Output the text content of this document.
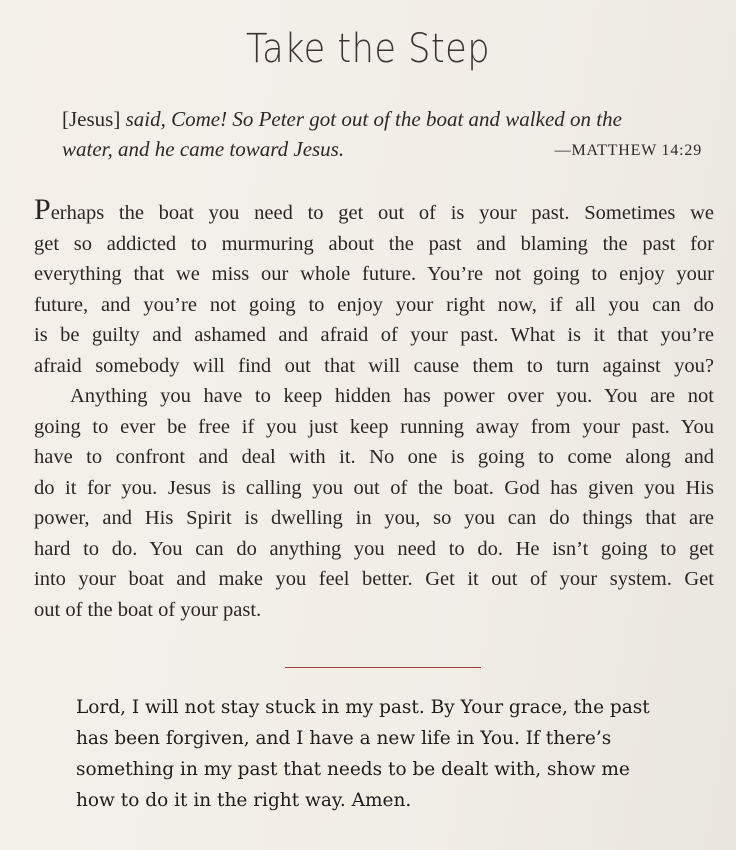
Take the Step
[Jesus] said, Come! So Peter got out of the boat and walked on the
water, and he came toward Jesus.	—MATTHEW 14:29
Perhaps the boat you need to get out of is your past. Sometimes we
get so addicted to murmuring about the past and blaming the past for
everything that we miss our whole future. You’re not going to enjoy your
future, and you’re not going to enjoy your right now, if all you can do
is be guilty and ashamed and afraid of your past. What is it that you’re
afraid somebody will find out that will cause them to turn against you?
Anything you have to keep hidden has power over you. You are not
going to ever be free if you just keep running away from your past. You
have to confront and deal with it. No one is going to come along and
do it for you. Jesus is calling you out of the boat. God has given you His
power, and His Spirit is dwelling in you, so you can do things that are
hard to do. You can do anything you need to do. He isn’t going to get
into your boat and make you feel better. Get it out of your system. Get
out of the boat of your past.
Lord, I will not stay stuck in my past. By Your grace, the past
has been forgiven, and I have a new life in You. If there’s
something in my past that needs to be dealt with, show me
how to do it in the right way. Amen.
